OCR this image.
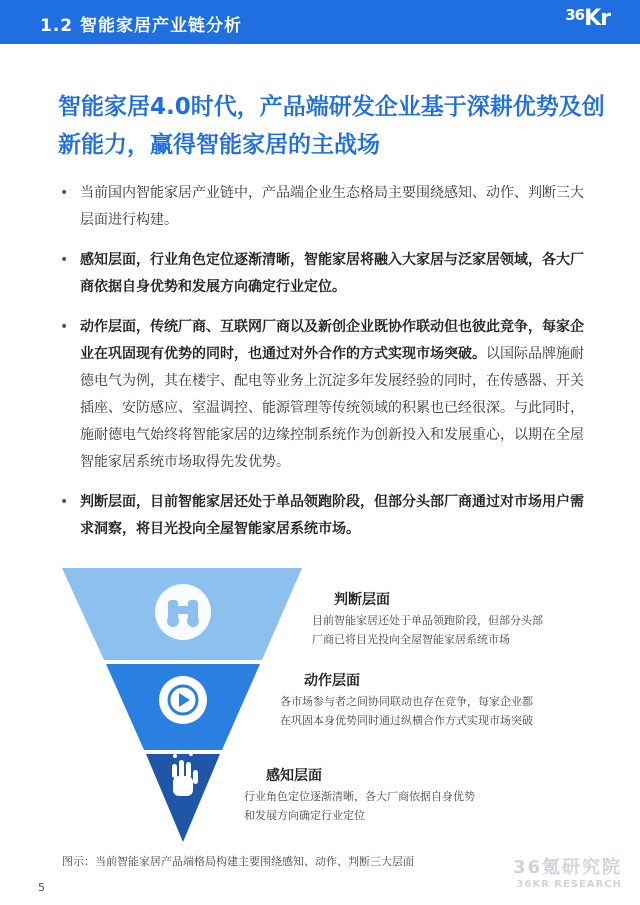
1.2 智能家居产业链分析
$^{36}$Kr
智能家居4.0时代，产品端研发企业基于深耕优势及创新能力，赢得智能家居的主战场
• 当前国内智能家居产业链中，产品端企业生态格局主要围绕感知、动作、判断三大层面进行构建。
• 感知层面，行业角色定位逐渐清晰，智能家居将融入大家居与泛家居领域，各大厂商依据自身优势和发展方向确定行业定位。
• 动作层面，传统厂商、互联网厂商以及新创企业既协作联动但也彼此竞争，每家企业在巩固现有优势的同时，也通过对外合作的方式实现市场突破。以国际品牌施耐德电气为例，其在楼宇、配电等业务上沉淀多年发展经验的同时，在传感器、开关插座、安防感应、室温调控、能源管理等传统领域的积累也已经很深。与此同时，施耐德电气始终将智能家居的边缘控制系统作为创新投入和发展重心，以期在全屋智能家居系统市场取得先发优势。
• 判断层面，目前智能家居还处于单品领跑阶段，但部分头部厂商通过对市场用户需求洞察，将目光投向全屋智能家居系统市场。
判断层面
目前智能家居还处于单品领跑阶段，但部分头部
厂商已将目光投向全屋智能家居系统市场
动作层面
各市场参与者之间协同联动也存在竞争，每家企业都
在巩固本身优势同时通过纵横合作方式实现市场突破
感知层面
行业角色定位逐渐清晰，各大厂商依据自身优势
和发展方向确定行业定位
图示：当前智能家居产品端格局构建主要围绕感知、动作、判断三大层面	36氪研究院
36KR RESEARCH
5
